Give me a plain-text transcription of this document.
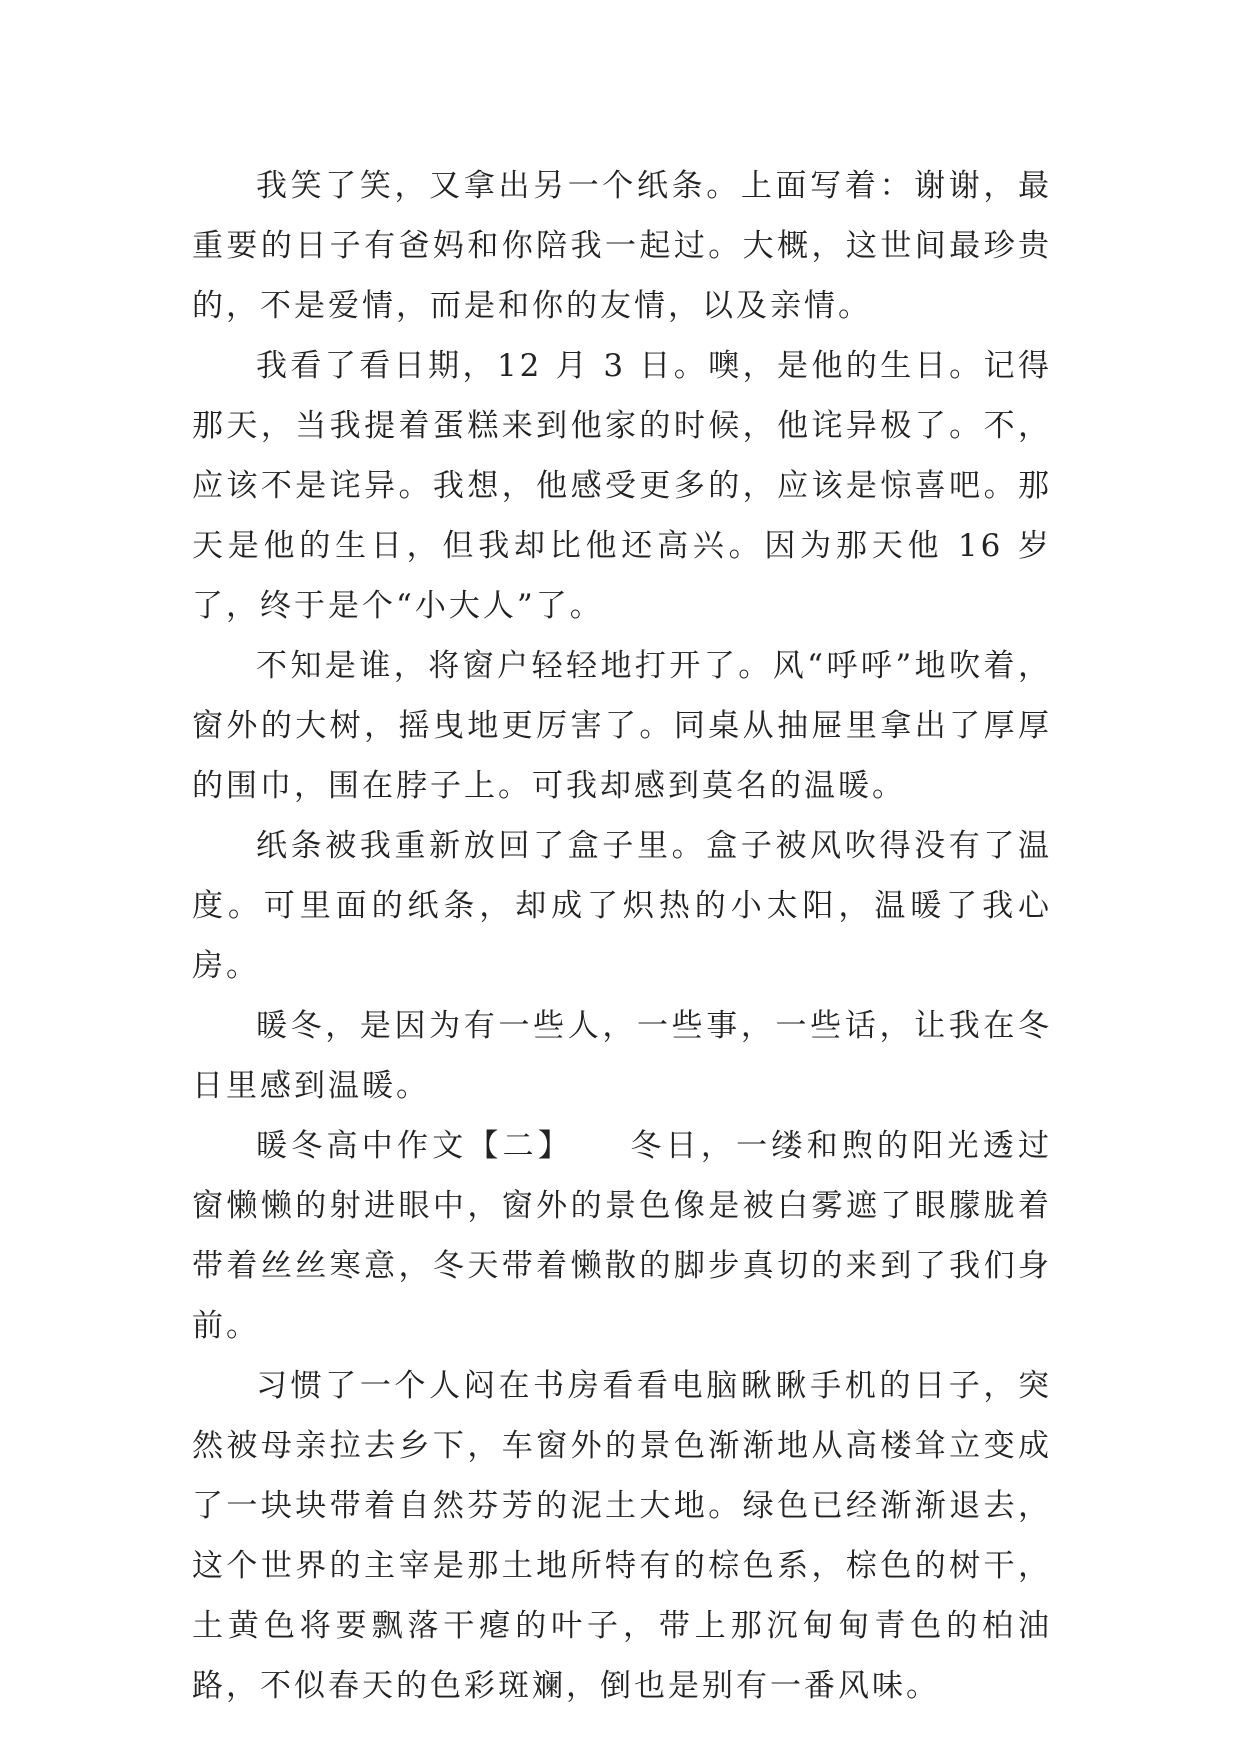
我笑了笑，又拿出另一个纸条。上面写着：谢谢，最重要的日子有爸妈和你陪我一起过。大概，这世间最珍贵的，不是爱情，而是和你的友情，以及亲情。

我看了看日期，12 月 3 日。噢，是他的生日。记得那天，当我提着蛋糕来到他家的时候，他诧异极了。不，应该不是诧异。我想，他感受更多的，应该是惊喜吧。那天是他的生日，但我却比他还高兴。因为那天他 16 岁了，终于是个“小大人”了。

不知是谁，将窗户轻轻地打开了。风“呼呼”地吹着，窗外的大树，摇曳地更厉害了。同桌从抽屉里拿出了厚厚的围巾，围在脖子上。可我却感到莫名的温暖。

纸条被我重新放回了盒子里。盒子被风吹得没有了温度。可里面的纸条，却成了炽热的小太阳，温暖了我心房。

暖冬，是因为有一些人，一些事，一些话，让我在冬日里感到温暖。

暖冬高中作文【二】 冬日，一缕和煦的阳光透过窗懒懒的射进眼中，窗外的景色像是被白雾遮了眼朦胧着带着丝丝寒意，冬天带着懒散的脚步真切的来到了我们身前。

习惯了一个人闷在书房看看电脑瞅瞅手机的日子，突然被母亲拉去乡下，车窗外的景色渐渐地从高楼耸立变成了一块块带着自然芬芳的泥土大地。绿色已经渐渐退去，这个世界的主宰是那土地所特有的棕色系，棕色的树干，土黄色将要飘落干瘪的叶子，带上那沉甸甸青色的柏油路，不似春天的色彩斑斓，倒也是别有一番风味。
